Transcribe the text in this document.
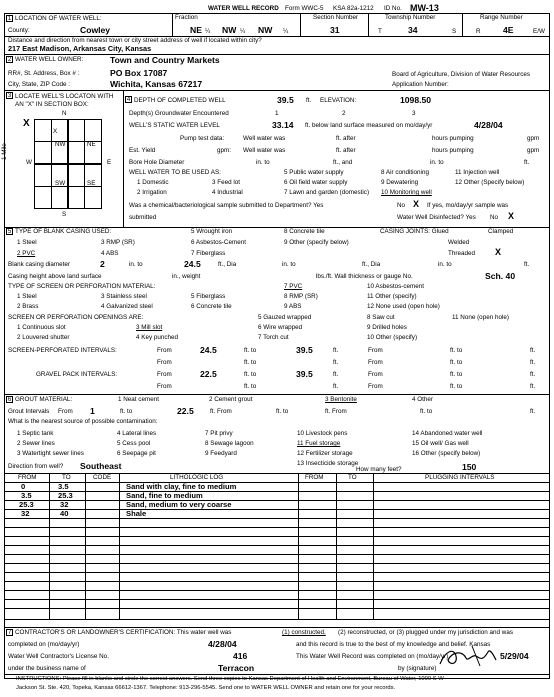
WATER WELL RECORD Form WWC-5 KSA 82a-1212 ID No. MW-13
1 LOCATION OF WATER WELL:	Fraction	Section Number	Township Number	Range Number
County:	Cowley	NE ¼ NW ¼ NW ¼	31	T	34	S	R	4E	E/W
Distance and direction from nearest town or city street address of well if located within city?
217 East Madison, Arkansas City, Kansas
2 WATER WELL OWNER:	Town and Country Markets
RR#, St. Address, Box # :	PO Box 17087
City, State, ZIP Code :	Wichita, Kansas 67217
Board of Agriculture, Division of Water Resources
Application Number:
3 LOCATE WELL'S LOCATON WITH AN "X" IN SECTION BOX:
N
S
W	E
1 Mile
X
NW	NE
SW	SE
X
4 DEPTH OF COMPLETED WELL	39.5 ft. ELEVATION:	1098.50
Depth(s) Groundwater Encountered	1	2	3
WELL'S STATIC WATER LEVEL	33.14 ft. below land surface measured on mo/day/yr	4/28/04
Pump test data:	Well water was	ft. after	hours pumping	gpm
Est. Yield	gpm: Well water was	ft. after	hours pumping	gpm
Bore Hole Diameter	in. to	ft., and	in. to	ft.
WELL WATER TO BE USED AS:	5 Public water supply	8 Air conditioning	11 Injection well
1 Domestic	3 Feed lot	6 Oil field water supply	9 Dewatering	12 Other (Specify below)
2 Irrigation	4 Industrial	7 Lawn and garden (domestic) 10 Monitoring well
Was a chemical/bacteriological sample submitted to Department? Yes	No X If yes, mo/day/yr sample was
submitted	Water Well Disinfected? Yes No X
5 TYPE OF BLANK CASING USED:	5 Wrought iron	8 Concrete tile	CASING JOINTS: Glued	Clamped
1 Steel	3 RMP (SR)	6 Asbestos-Cement	9 Other (specify below)	Welded
2 PVC	4 ABS	7 Fiberglass	Threaded X
Blank casing diameter	2	in. to	24.5	ft., Dia	in. to	ft., Dia	in. to	ft.
Casing height above land surface	in., weight	lbs./ft. Wall thickness or gauge No.	Sch. 40
TYPE OF SCREEN OR PERFORATION MATERIAL:	7 PVC	10 Asbestos-cement
1 Steel	3 Stainless steel	5 Fiberglass	8 RMP (SR)	11 Other (specify)
2 Brass	4 Galvanized steel	6 Concrete tile	9 ABS	12 None used (open hole)
SCREEN OR PERFORATION OPENINGS ARE:	5 Gauzed wrapped	8 Saw cut	11 None (open hole)
1 Continuous slot	3 Mill slot	6 Wire wrapped	9 Drilled holes
2 Louvered shutter	4 Key punched	7 Torch cut	10 Other (specify)
SCREEN-PERFORATED INTERVALS:	From	24.5	ft. to	39.5	ft.	From	ft. to	ft.
From	ft. to	ft.	From	ft. to	ft.
GRAVEL PACK INTERVALS:	From	22.5	ft. to	39.5	ft.	From	ft. to	ft.
From	ft. to	ft.	From	ft. to	ft.
6 GROUT MATERIAL:	1 Neat cement	2 Cement grout	3 Bentonite	4 Other
Grout Intervals From 1	ft. to	22.5	ft. From	ft. to	ft. From	ft. to	ft.
What is the nearest source of possible contamination:
1 Septic tank	4 Lateral lines	7 Pit privy	10 Livestock pens	14 Abandoned water well
2 Sewer lines	5 Cess pool	8 Sewage lagoon	11 Fuel storage	15 Oil well/ Gas well
3 Watertight sewer lines	6 Seepage pit	9 Feedyard	12 Fertilizer storage	16 Other (specify below)
13 Insecticide storage
Direction from well? Southeast	How many feet?	150
FROM	TO	CODE	LITHOLOGIC LOG	FROM	TO	PLUGGING INTERVALS
0	3.5	Sand with clay, fine to medium
3.5	25.3	Sand, fine to medium
25.3	32	Sand, medium to very coarse
32	40	Shale
7 CONTRACTOR'S OR LANDOWNER'S CERTIFICATION: This water well was	(1) constructed, (2) reconstructed, or (3) plugged under my jurisdiction and was
completed on (mo/day/yr)	4/28/04	and this record is true to the best of my knowledge and belief. Kansas
Water Well Contractor's License No.	416	This Water Well Record was completed on (mo/day/yr)	5/29/04
under the business name of	Terracon	by (signature)
INSTRUCTIONS: Please fill in blanks and circle the correct answers. Send three copies to Kansas Department of Health and Environment, Bureau of Water, 1000 S W
Jackson St. Ste. 420, Topeka, Kansas 66612-1367. Telephone: 913-296-5545. Send one to WATER WELL OWNER and retain one for your records.
